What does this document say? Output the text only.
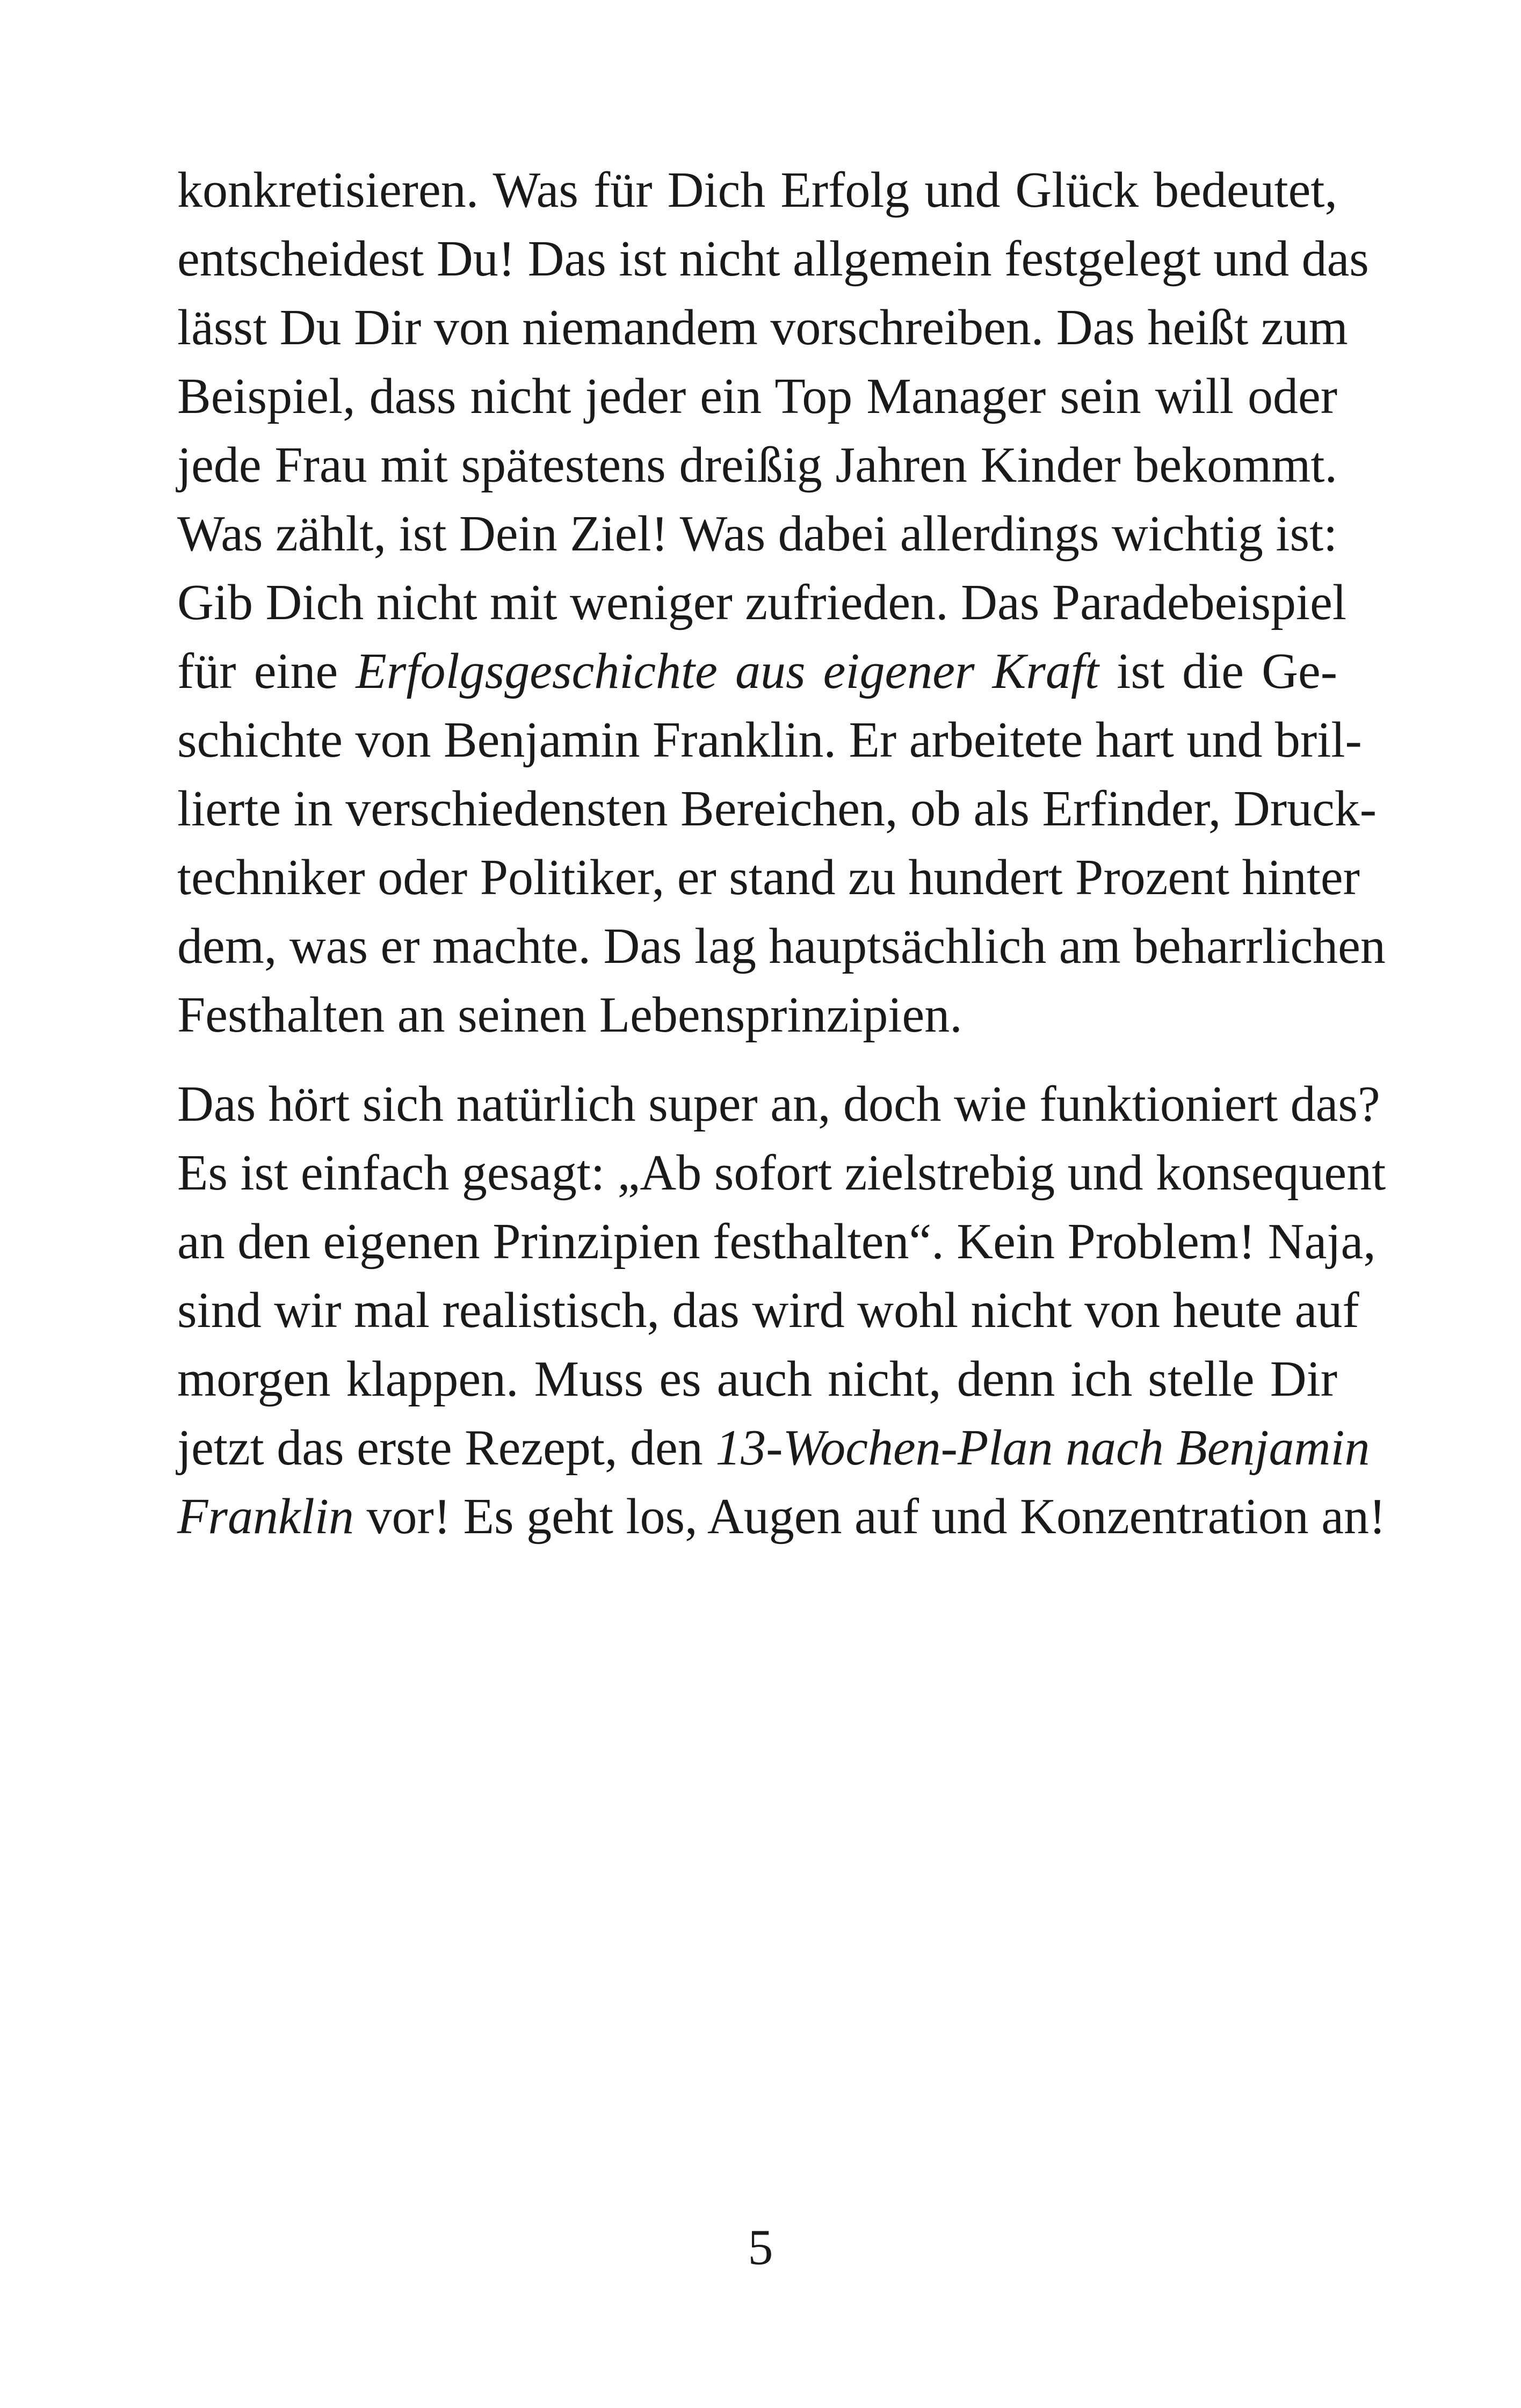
konkretisieren. Was für Dich Erfolg und Glück bedeutet,
entscheidest Du! Das ist nicht allgemein festgelegt und das
lässt Du Dir von niemandem vorschreiben. Das heißt zum
Beispiel, dass nicht jeder ein Top Manager sein will oder
jede Frau mit spätestens dreißig Jahren Kinder bekommt.
Was zählt, ist Dein Ziel! Was dabei allerdings wichtig ist:
Gib Dich nicht mit weniger zufrieden. Das Paradebeispiel
für eine Erfolgsgeschichte aus eigener Kraft ist die Ge-
schichte von Benjamin Franklin. Er arbeitete hart und bril-
lierte in verschiedensten Bereichen, ob als Erfinder, Druck-
techniker oder Politiker, er stand zu hundert Prozent hinter
dem, was er machte. Das lag hauptsächlich am beharrlichen
Festhalten an seinen Lebensprinzipien.
Das hört sich natürlich super an, doch wie funktioniert das?
Es ist einfach gesagt: „Ab sofort zielstrebig und konsequent
an den eigenen Prinzipien festhalten“. Kein Problem! Naja,
sind wir mal realistisch, das wird wohl nicht von heute auf
morgen klappen. Muss es auch nicht, denn ich stelle Dir
jetzt das erste Rezept, den 13-Wochen-Plan nach Benjamin
Franklin vor! Es geht los, Augen auf und Konzentration an!
5
